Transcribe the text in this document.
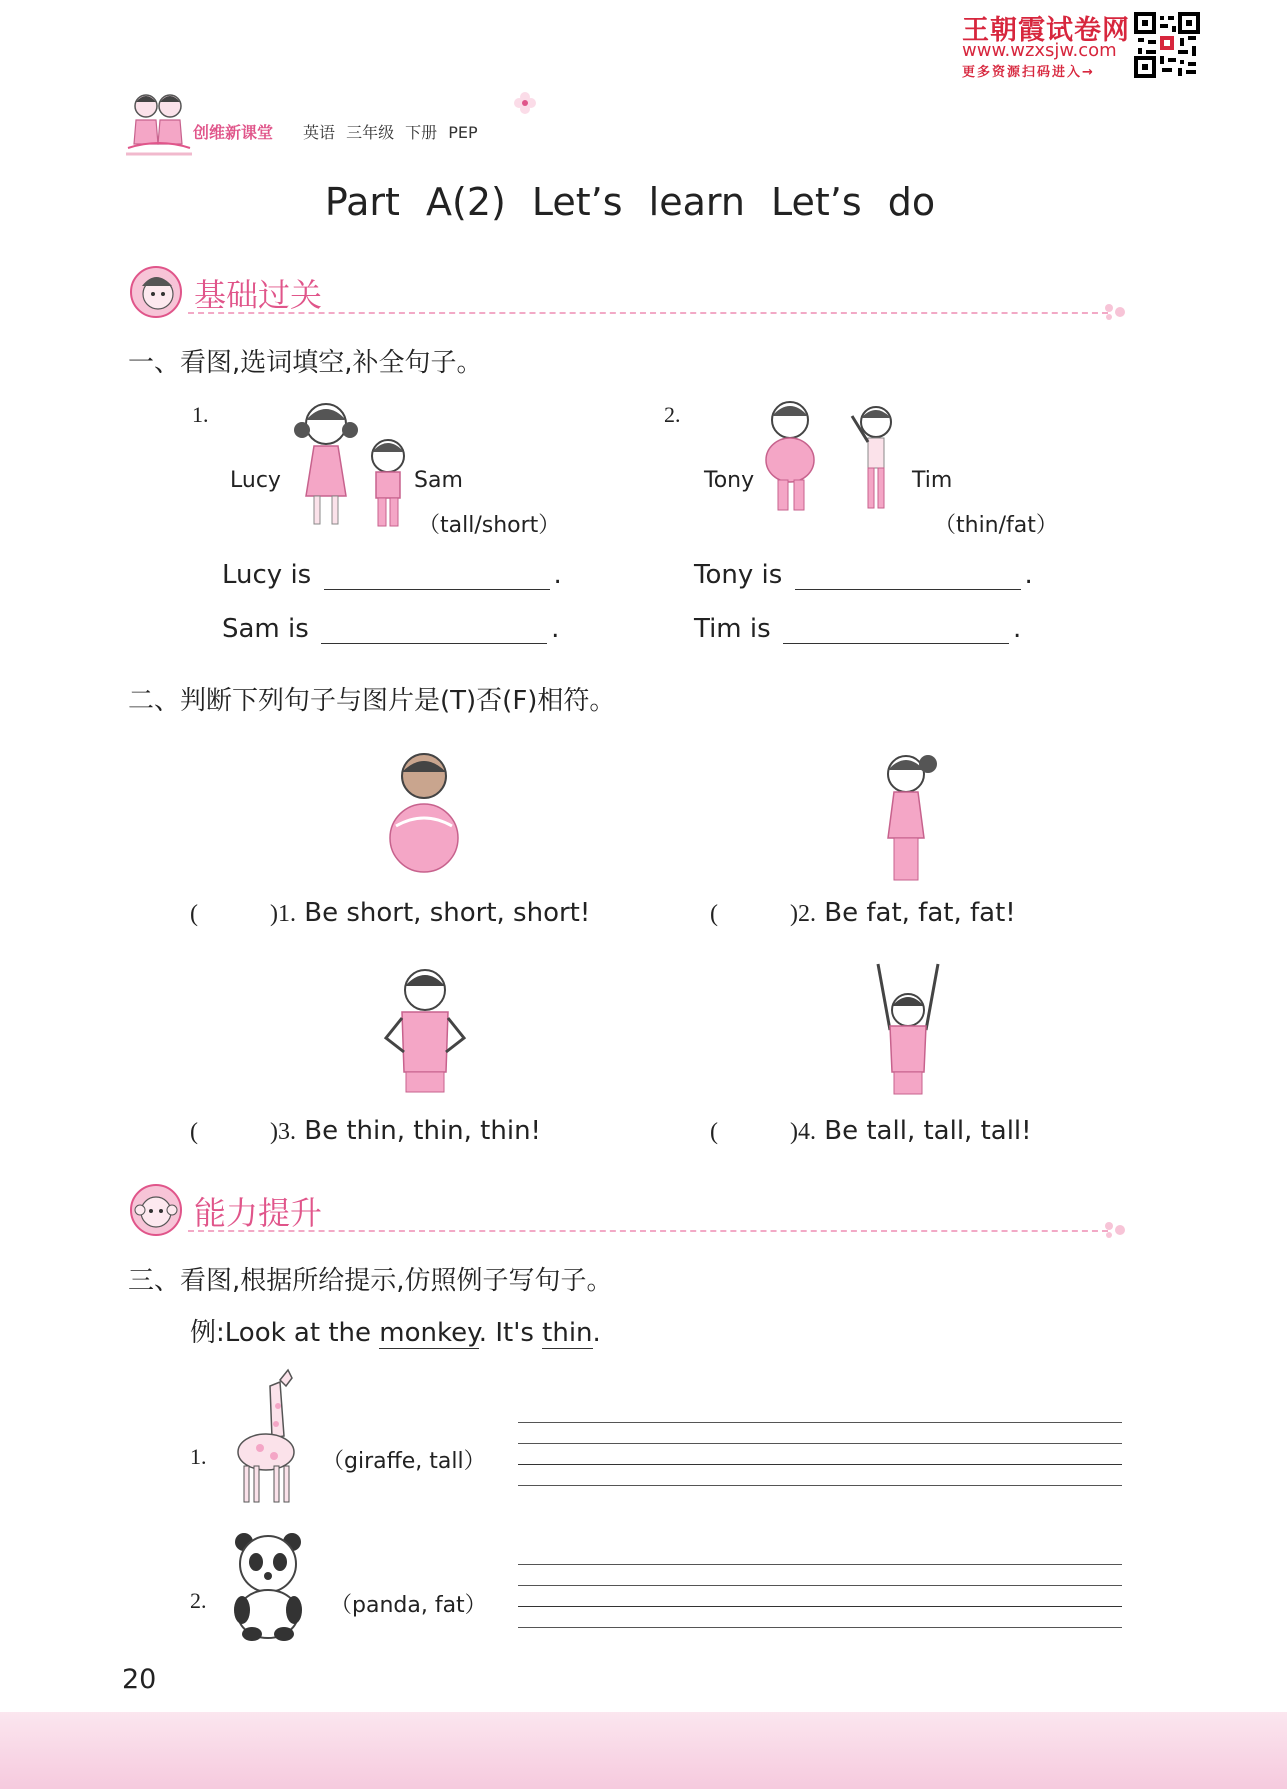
王朝霞试卷网
www.wzxsjw.com
更多资源扫码进入→
创维新课堂 英语 三年级 下册 PEP
Part A(2) Let’s learn Let’s do
基础过关
一、看图,选词填空,补全句子。
1.
Lucy	Sam
（tall/short）
Lucy is	.
Sam is	.
2.
Tony	Tim
（thin/fat）
Tony is	.
Tim is	.
二、判断下列句子与图片是(T)否(F)相符。
(	)1. Be short, short, short!	(	)2. Be fat, fat, fat!
(	)3. Be thin, thin, thin!	(	)4. Be tall, tall, tall!
能力提升
三、看图,根据所给提示,仿照例子写句子。
例:Look at the monkey. It's thin.
1.	（giraffe, tall）
2.	（panda, fat）
20
